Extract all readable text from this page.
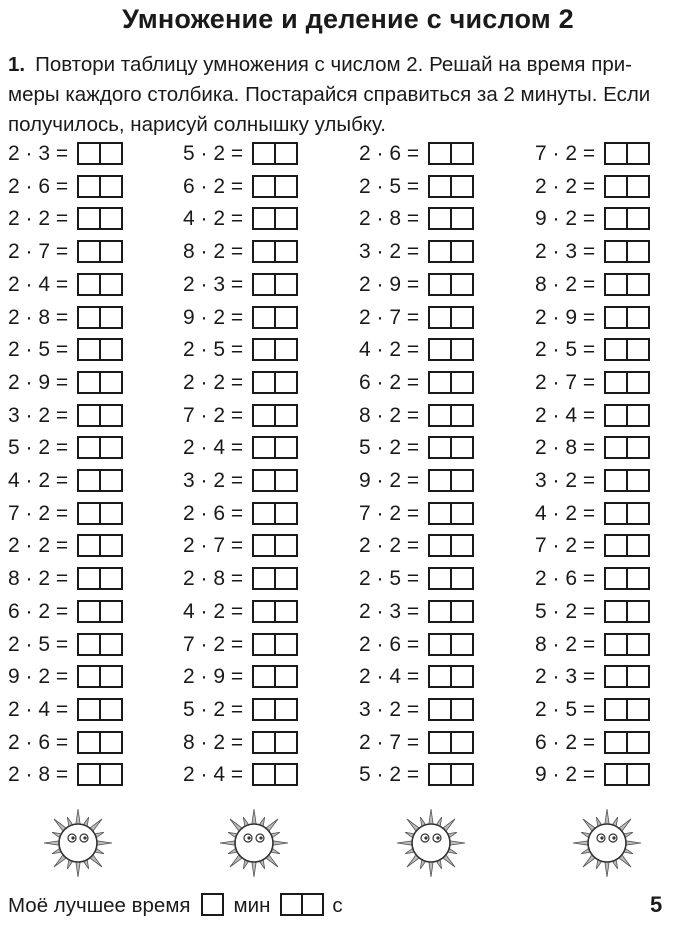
Умножение и деление с числом 2
1. Повтори таблицу умножения с числом 2. Решай на время при-
меры каждого столбика. Постарайся справиться за 2 минуты. Если
получилось, нарисуй солнышку улыбку.
2 · 3 =
2 · 6 =
2 · 2 =
2 · 7 =
2 · 4 =
2 · 8 =
2 · 5 =
2 · 9 =
3 · 2 =
5 · 2 =
4 · 2 =
7 · 2 =
2 · 2 =
8 · 2 =
6 · 2 =
2 · 5 =
9 · 2 =
2 · 4 =
2 · 6 =
2 · 8 =
5 · 2 =
6 · 2 =
4 · 2 =
8 · 2 =
2 · 3 =
9 · 2 =
2 · 5 =
2 · 2 =
7 · 2 =
2 · 4 =
3 · 2 =
2 · 6 =
2 · 7 =
2 · 8 =
4 · 2 =
7 · 2 =
2 · 9 =
5 · 2 =
8 · 2 =
2 · 4 =
2 · 6 =
2 · 5 =
2 · 8 =
3 · 2 =
2 · 9 =
2 · 7 =
4 · 2 =
6 · 2 =
8 · 2 =
5 · 2 =
9 · 2 =
7 · 2 =
2 · 2 =
2 · 5 =
2 · 3 =
2 · 6 =
2 · 4 =
3 · 2 =
2 · 7 =
5 · 2 =
7 · 2 =
2 · 2 =
9 · 2 =
2 · 3 =
8 · 2 =
2 · 9 =
2 · 5 =
2 · 7 =
2 · 4 =
2 · 8 =
3 · 2 =
4 · 2 =
7 · 2 =
2 · 6 =
5 · 2 =
8 · 2 =
2 · 3 =
2 · 5 =
6 · 2 =
9 · 2 =
Моё лучшее время мин	с	5
